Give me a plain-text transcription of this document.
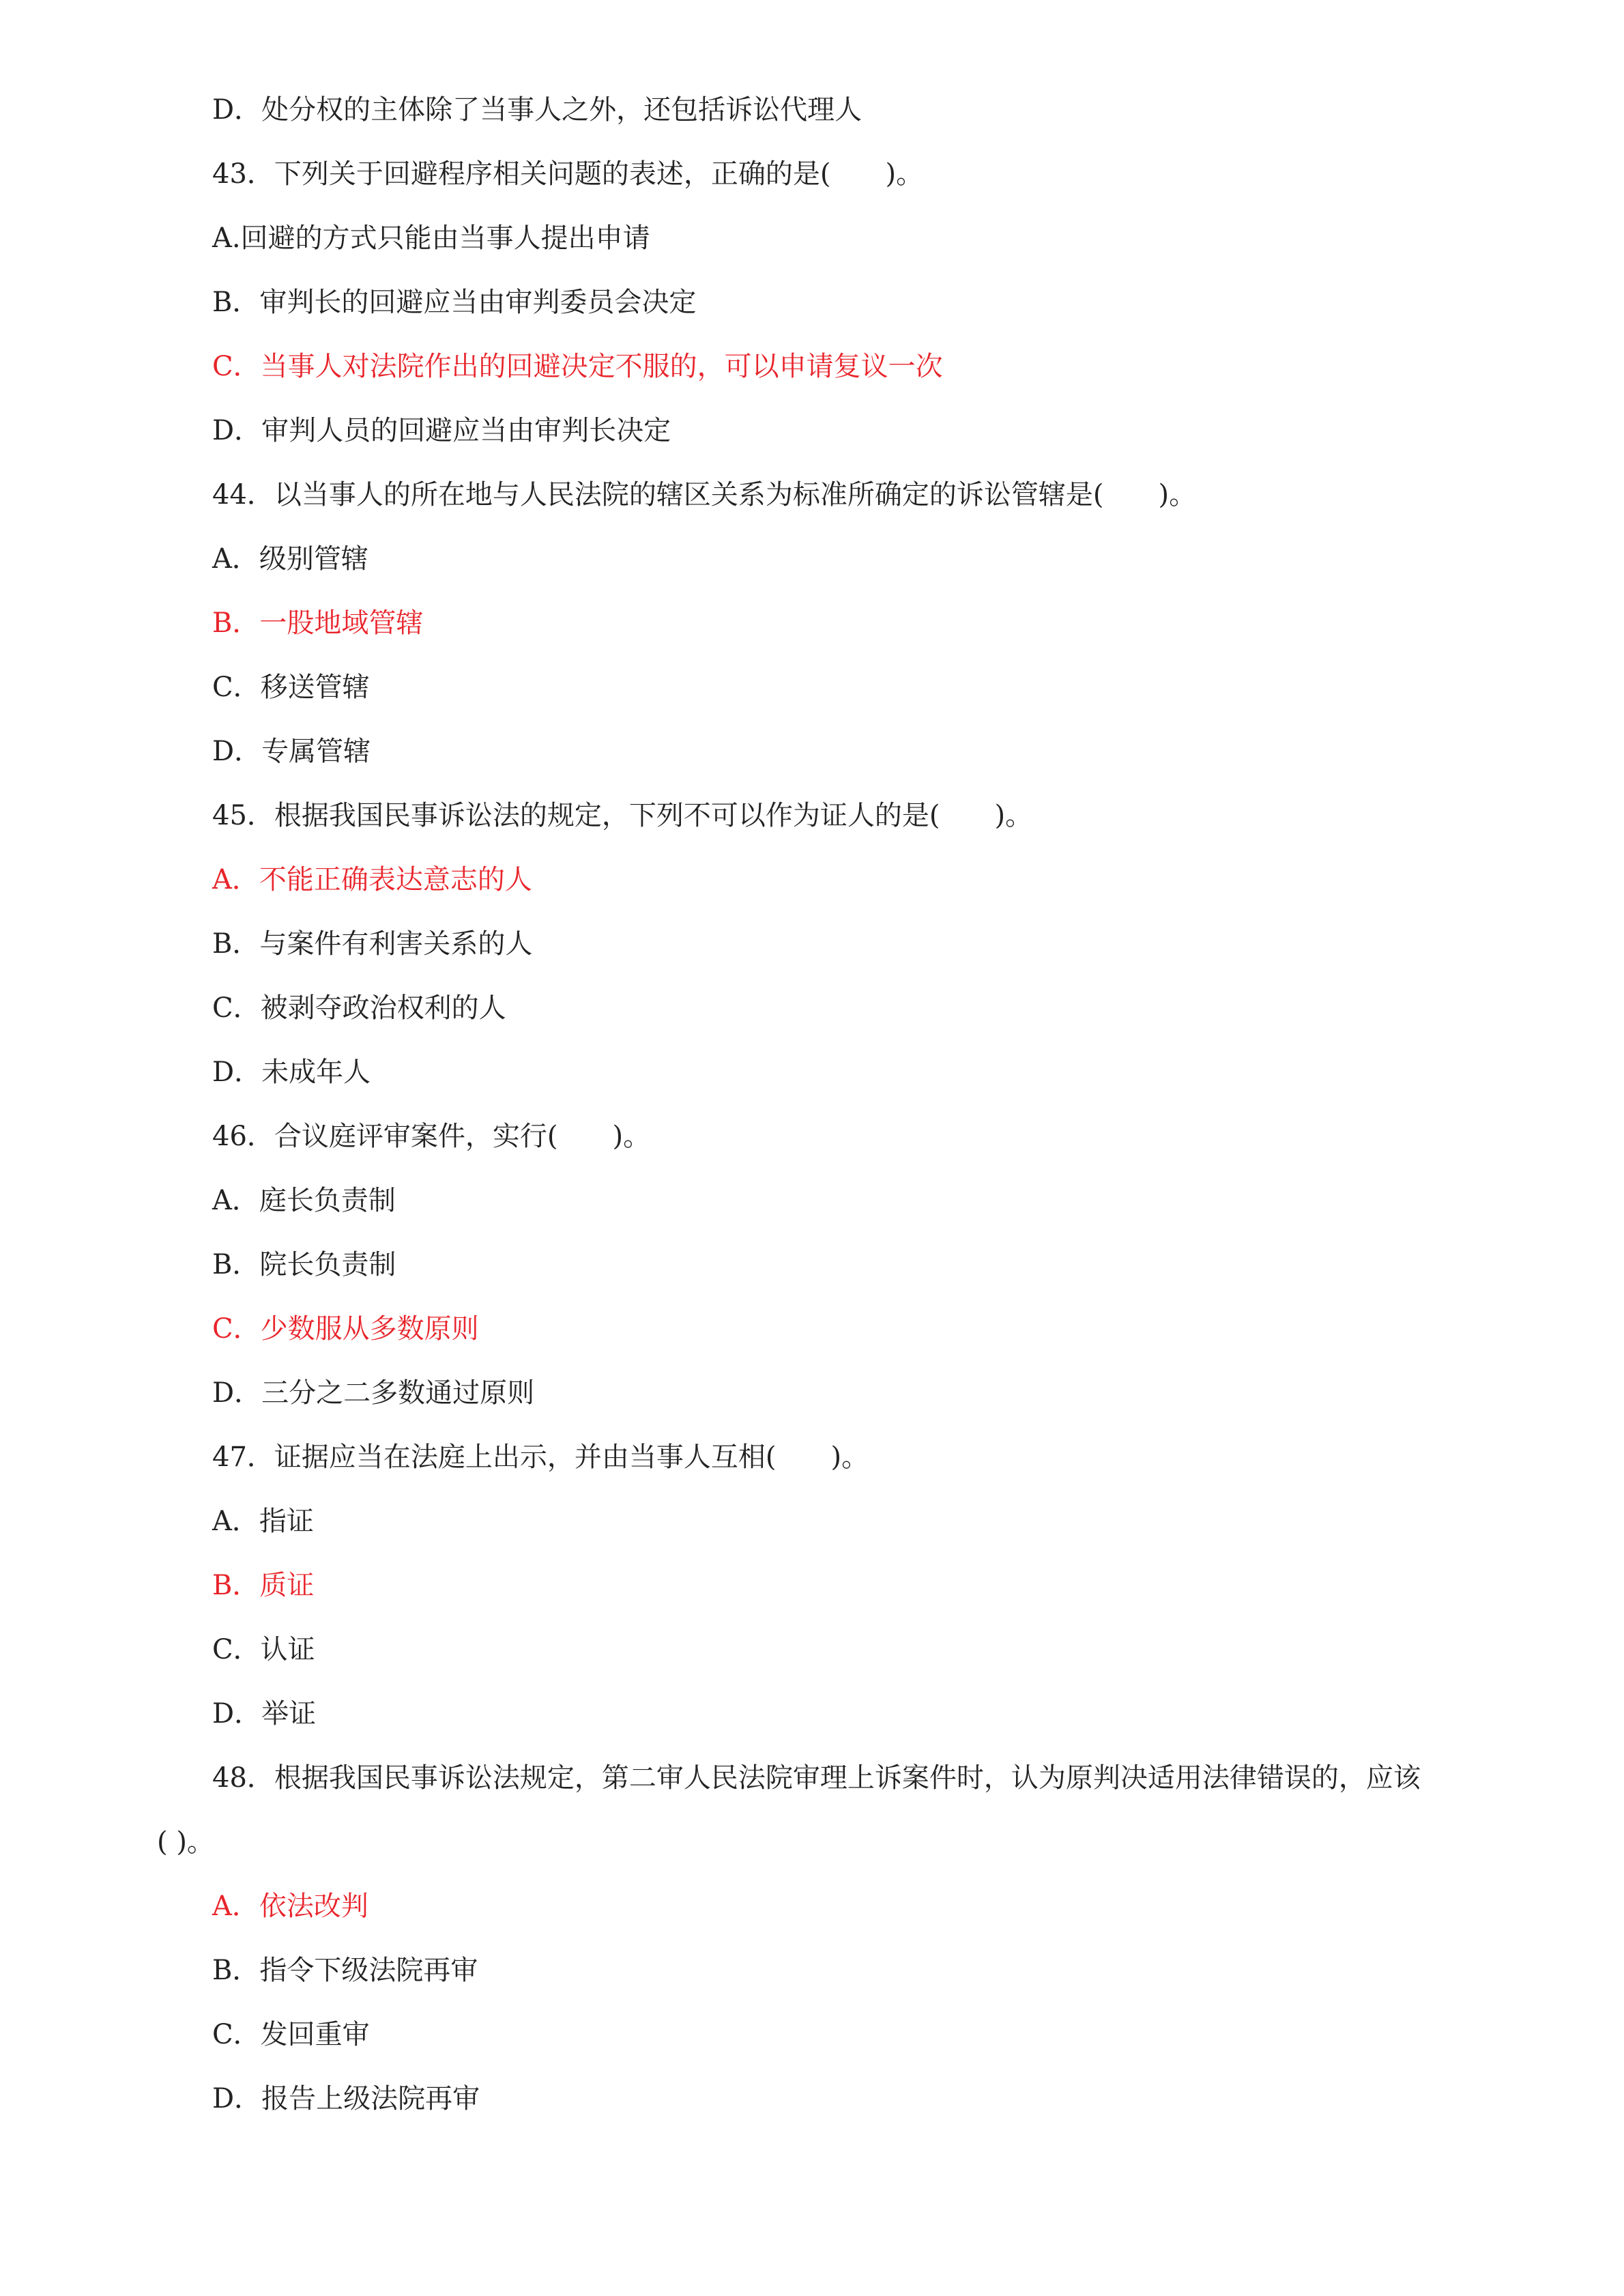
D．处分权的主体除了当事人之外，还包括诉讼代理人
43．下列关于回避程序相关问题的表述，正确的是(　　)。
A.回避的方式只能由当事人提出申请
B．审判长的回避应当由审判委员会决定
C．当事人对法院作出的回避决定不服的，可以申请复议一次
D．审判人员的回避应当由审判长决定
44．以当事人的所在地与人民法院的辖区关系为标准所确定的诉讼管辖是(　　)。
A．级别管辖
B．一股地域管辖
C．移送管辖
D．专属管辖
45．根据我国民事诉讼法的规定，下列不可以作为证人的是(　　)。
A．不能正确表达意志的人
B．与案件有利害关系的人
C．被剥夺政治权利的人
D．未成年人
46．合议庭评审案件，实行(　　)。
A．庭长负责制
B．院长负责制
C．少数服从多数原则
D．三分之二多数通过原则
47．证据应当在法庭上出示，并由当事人互相(　　)。
A．指证
B．质证
C．认证
D．举证
48．根据我国民事诉讼法规定，第二审人民法院审理上诉案件时，认为原判决适用法律错误的，应该
( )。
A．依法改判
B．指令下级法院再审
C．发回重审
D．报告上级法院再审
